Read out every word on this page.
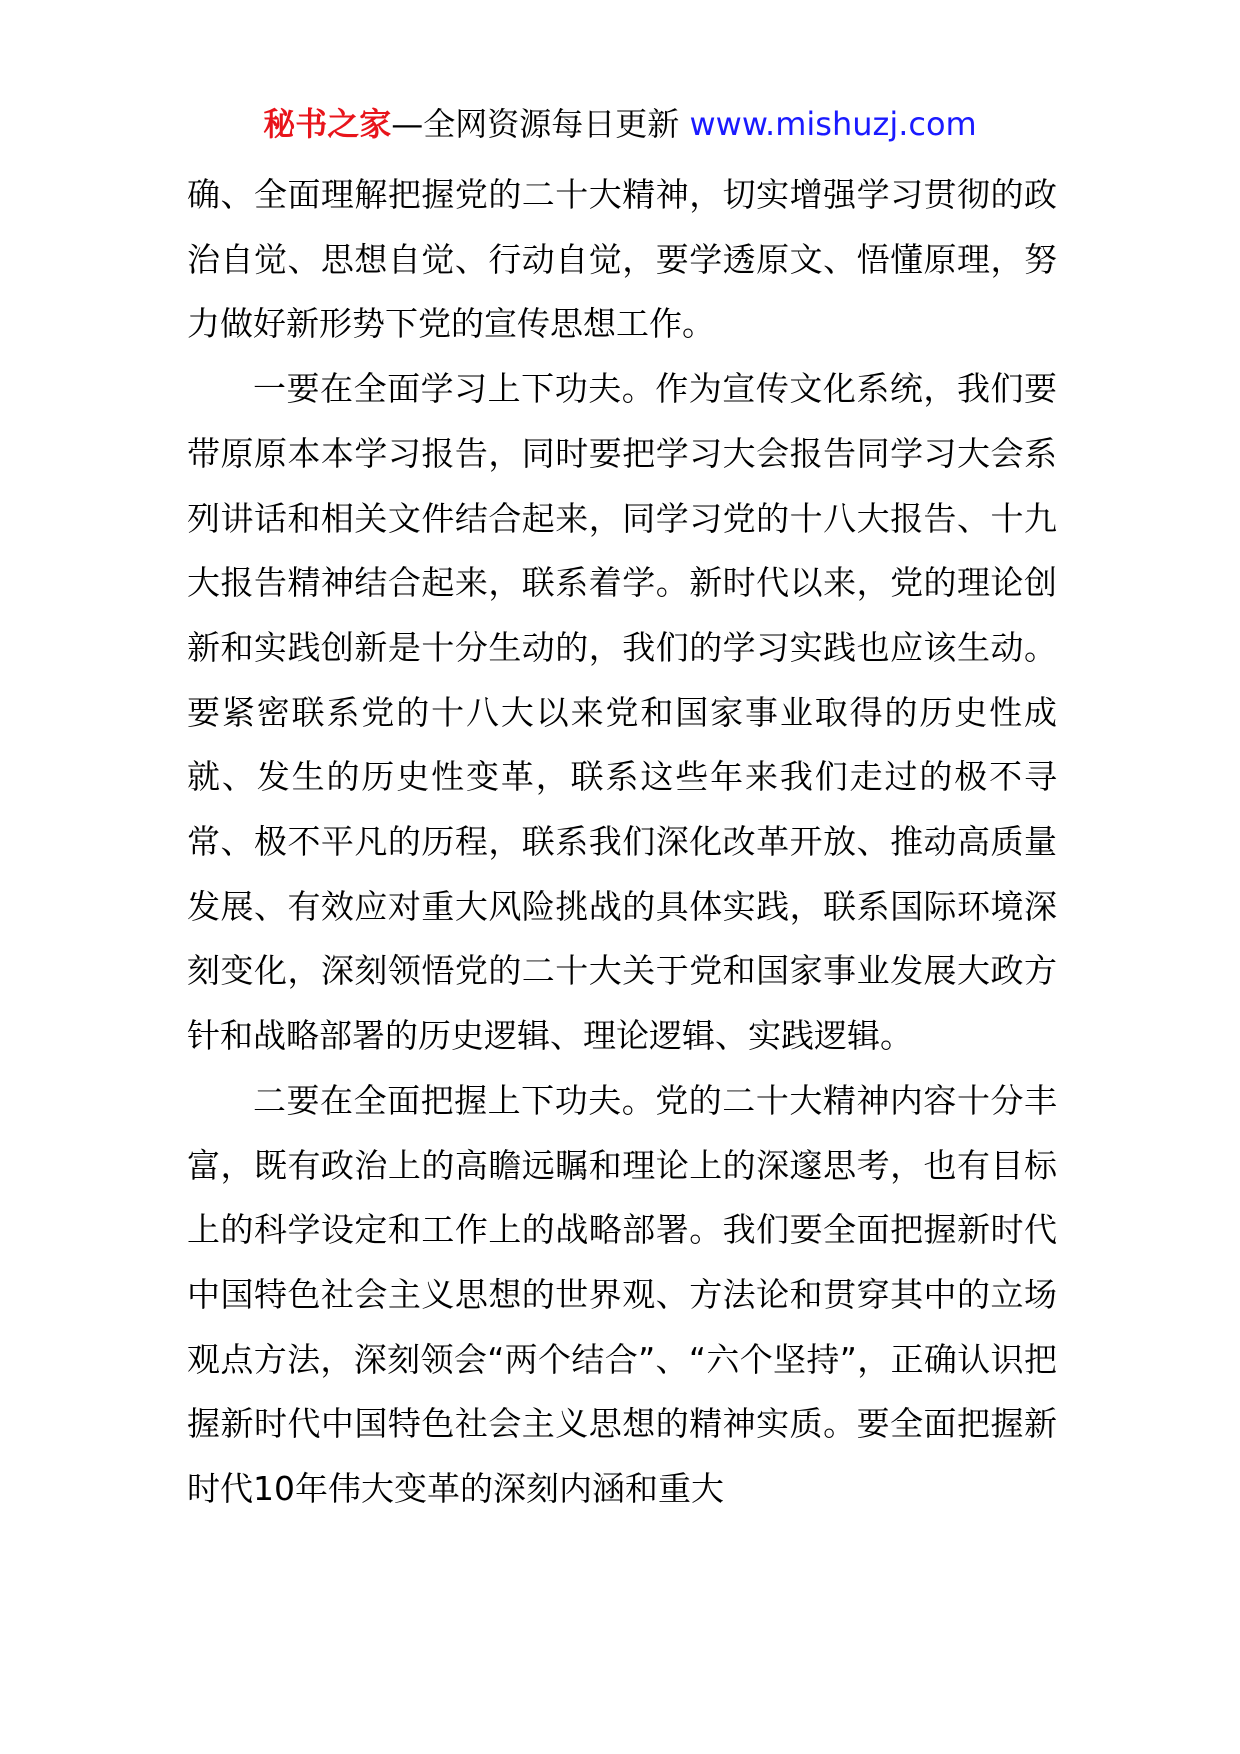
秘书之家—全网资源每日更新 www.mishuzj.com

确、全面理解把握党的二十大精神，切实增强学习贯彻的政治自觉、思想自觉、行动自觉，要学透原文、悟懂原理，努力做好新形势下党的宣传思想工作。

一要在全面学习上下功夫。作为宣传文化系统，我们要带原原本本学习报告，同时要把学习大会报告同学习大会系列讲话和相关文件结合起来，同学习党的十八大报告、十九大报告精神结合起来，联系着学。新时代以来，党的理论创新和实践创新是十分生动的，我们的学习实践也应该生动。要紧密联系党的十八大以来党和国家事业取得的历史性成就、发生的历史性变革，联系这些年来我们走过的极不寻常、极不平凡的历程，联系我们深化改革开放、推动高质量发展、有效应对重大风险挑战的具体实践，联系国际环境深刻变化，深刻领悟党的二十大关于党和国家事业发展大政方针和战略部署的历史逻辑、理论逻辑、实践逻辑。

二要在全面把握上下功夫。党的二十大精神内容十分丰富，既有政治上的高瞻远瞩和理论上的深邃思考，也有目标上的科学设定和工作上的战略部署。我们要全面把握新时代中国特色社会主义思想的世界观、方法论和贯穿其中的立场观点方法，深刻领会“两个结合”、“六个坚持”，正确认识把握新时代中国特色社会主义思想的精神实质。要全面把握新时代10年伟大变革的深刻内涵和重大
